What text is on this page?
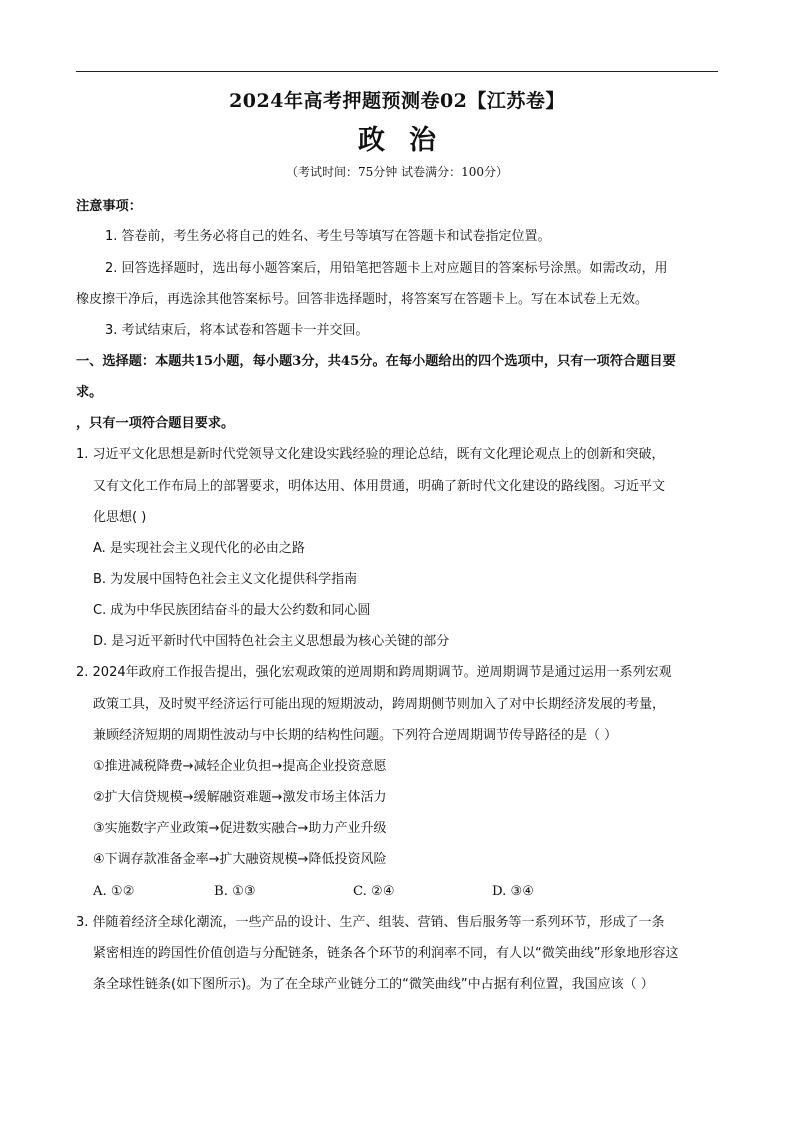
2024年高考押题预测卷02【江苏卷】
政治
（考试时间：75分钟 试卷满分：100分）
注意事项：
1. 答卷前，考生务必将自己的姓名、考生号等填写在答题卡和试卷指定位置。
2. 回答选择题时，选出每小题答案后，用铅笔把答题卡上对应题目的答案标号涂黑。如需改动，用
橡皮擦干净后，再选涂其他答案标号。回答非选择题时，将答案写在答题卡上。写在本试卷上无效。
3. 考试结束后，将本试卷和答题卡一并交回。
一、选择题：本题共15小题，每小题3分，共45分。在每小题给出的四个选项中，只有一项符合题目要
求。
，只有一项符合题目要求。
1. 习近平文化思想是新时代党领导文化建设实践经验的理论总结，既有文化理论观点上的创新和突破，
又有文化工作布局上的部署要求，明体达用、体用贯通，明确了新时代文化建设的路线图。习近平文
化思想( )
A. 是实现社会主义现代化的必由之路
B. 为发展中国特色社会主义文化提供科学指南
C. 成为中华民族团结奋斗的最大公约数和同心圆
D. 是习近平新时代中国特色社会主义思想最为核心关键的部分
2. 2024年政府工作报告提出，强化宏观政策的逆周期和跨周期调节。逆周期调节是通过运用一系列宏观
政策工具，及时熨平经济运行可能出现的短期波动，跨周期侧节则加入了对中长期经济发展的考量，
兼顾经济短期的周期性波动与中长期的结构性问题。下列符合逆周期调节传导路径的是（ ）
①推进减税降费→减轻企业负担→提高企业投资意愿
②扩大信贷规模→缓解融资难题→激发市场主体活力
③实施数字产业政策→促进数实融合→助力产业升级
④下调存款准备金率→扩大融资规模→降低投资风险
A. ①②	B. ①③	C. ②④	D. ③④
3. 伴随着经济全球化潮流，一些产品的设计、生产、组装、营销、售后服务等一系列环节，形成了一条
紧密相连的跨国性价值创造与分配链条，链条各个环节的利润率不同，有人以“微笑曲线”形象地形容这
条全球性链条(如下图所示)。为了在全球产业链分工的“微笑曲线”中占据有利位置，我国应该（ ）
